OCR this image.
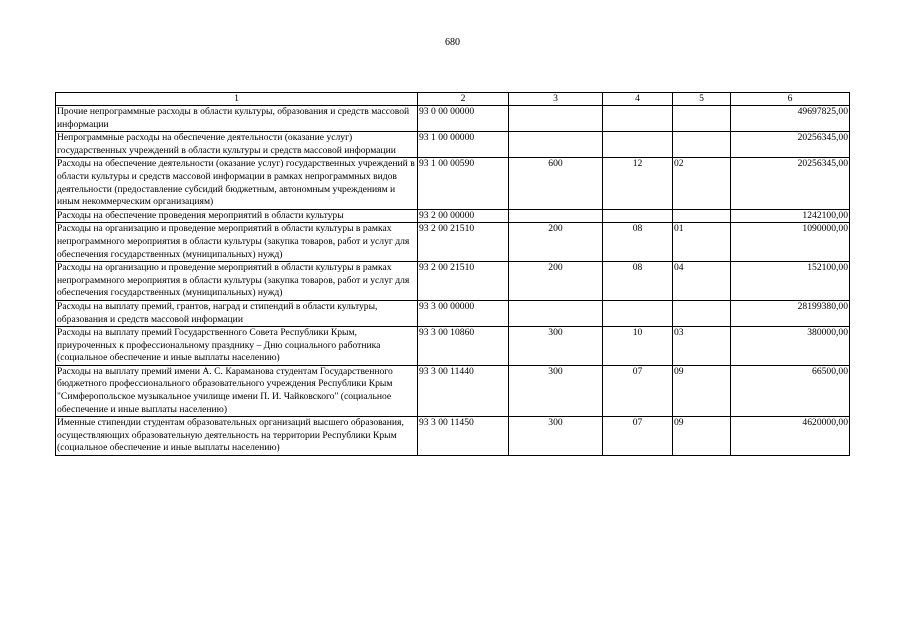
680
1	2	3	4	5	6
Прочие непрограммные расходы в области культуры, образования и средств массовой информации	93 0 00 00000				49697825,00
Непрограммные расходы на обеспечение деятельности (оказание услуг) государственных учреждений в области культуры и средств массовой информации	93 1 00 00000				20256345,00
Расходы на обеспечение деятельности (оказание услуг) государственных учреждений в области культуры и средств массовой информации в рамках непрограммных видов деятельности (предоставление субсидий бюджетным, автономным учреждениям и иным некоммерческим организациям)	93 1 00 00590	600	12	02	20256345,00
Расходы на обеспечение проведения мероприятий в области культуры	93 2 00 00000				1242100,00
Расходы на организацию и проведение мероприятий в области культуры в рамках непрограммного мероприятия в области культуры (закупка товаров, работ и услуг для обеспечения государственных (муниципальных) нужд)	93 2 00 21510	200	08	01	1090000,00
Расходы на организацию и проведение мероприятий в области культуры в рамках непрограммного мероприятия в области культуры (закупка товаров, работ и услуг для обеспечения государственных (муниципальных) нужд)	93 2 00 21510	200	08	04	152100,00
Расходы на выплату премий, грантов, наград и стипендий в области культуры, образования и средств массовой информации	93 3 00 00000				28199380,00
Расходы на выплату премий Государственного Совета Республики Крым, приуроченных к профессиональному празднику – Дню социального работника (социальное обеспечение и иные выплаты населению)	93 3 00 10860	300	10	03	380000,00
Расходы на выплату премий имени А. С. Караманова студентам Государственного бюджетного профессионального образовательного учреждения Республики Крым "Симферопольское музыкальное училище имени П. И. Чайковского" (социальное обеспечение и иные выплаты населению)	93 3 00 11440	300	07	09	66500,00
Именные стипендии студентам образовательных организаций высшего образования, осуществляющих образовательную деятельность на территории Республики Крым (социальное обеспечение и иные выплаты населению)	93 3 00 11450	300	07	09	4620000,00
